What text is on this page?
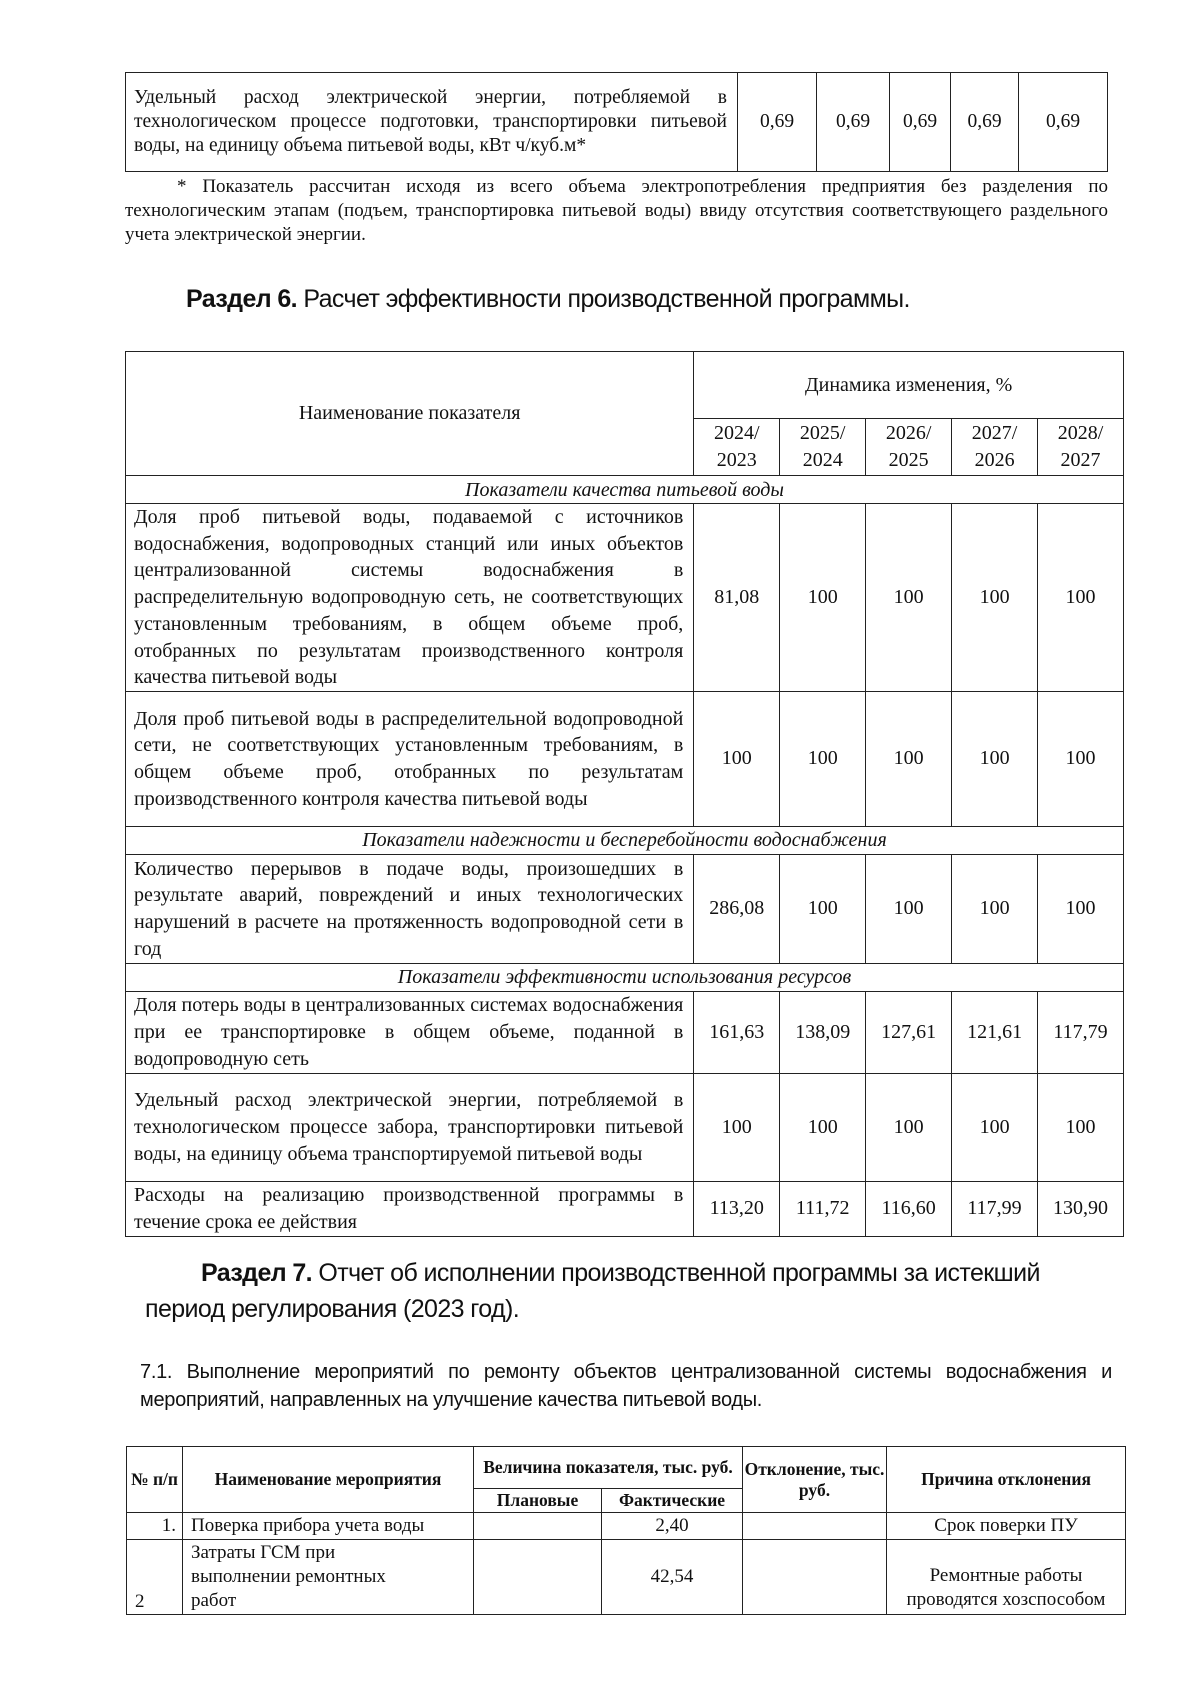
Удельный расход электрической энергии, потребляемой в технологическом процессе подготовки, транспортировки питьевой воды, на единицу объема питьевой воды, кВт ч/куб.м*	0,69	0,69	0,69	0,69	0,69
* Показатель рассчитан исходя из всего объема электропотребления предприятия без разделения по технологическим этапам (подъем, транспортировка питьевой воды) ввиду отсутствия соответствующего раздельного учета электрической энергии.
Раздел 6. Расчет эффективности производственной программы.
Наименование показателя	Динамика изменения, %				
	2024/ 2023	2025/ 2024	2026/ 2025	2027/ 2026	2028/ 2027
Показатели качества питьевой воды					
Доля проб питьевой воды, подаваемой с источников водоснабжения, водопроводных станций или иных объектов централизованной системы водоснабжения в распределительную водопроводную сеть, не соответствующих установленным требованиям, в общем объеме проб, отобранных по результатам производственного контроля качества питьевой воды	81,08	100	100	100	100
Доля проб питьевой воды в распределительной водопроводной сети, не соответствующих установленным требованиям, в общем объеме проб, отобранных по результатам производственного контроля качества питьевой воды	100	100	100	100	100
Показатели надежности и бесперебойности водоснабжения					
Количество перерывов в подаче воды, произошедших в результате аварий, повреждений и иных технологических нарушений в расчете на протяженность водопроводной сети в год	286,08	100	100	100	100
Показатели эффективности использования ресурсов					
Доля потерь воды в централизованных системах водоснабжения при ее транспортировке в общем объеме, поданной в водопроводную сеть	161,63	138,09	127,61	121,61	117,79
Удельный расход электрической энергии, потребляемой в технологическом процессе забора, транспортировки питьевой воды, на единицу объема транспортируемой питьевой воды	100	100	100	100	100
Расходы на реализацию производственной программы в течение срока ее действия	113,20	111,72	116,60	117,99	130,90
Раздел 7. Отчет об исполнении производственной программы за истекший период регулирования (2023 год).
7.1. Выполнение мероприятий по ремонту объектов централизованной системы водоснабжения и мероприятий, направленных на улучшение качества питьевой воды.
№ п/п	Наименование мероприятия	Величина показателя, тыс. руб.		Отклонение, тыс. руб.	Причина отклонения
		Плановые	Фактические		
1.	Поверка прибора учета воды		2,40		Срок поверки ПУ
2	Затраты ГСМ при выполнении ремонтных работ		42,54		Ремонтные работы проводятся хозспособом
